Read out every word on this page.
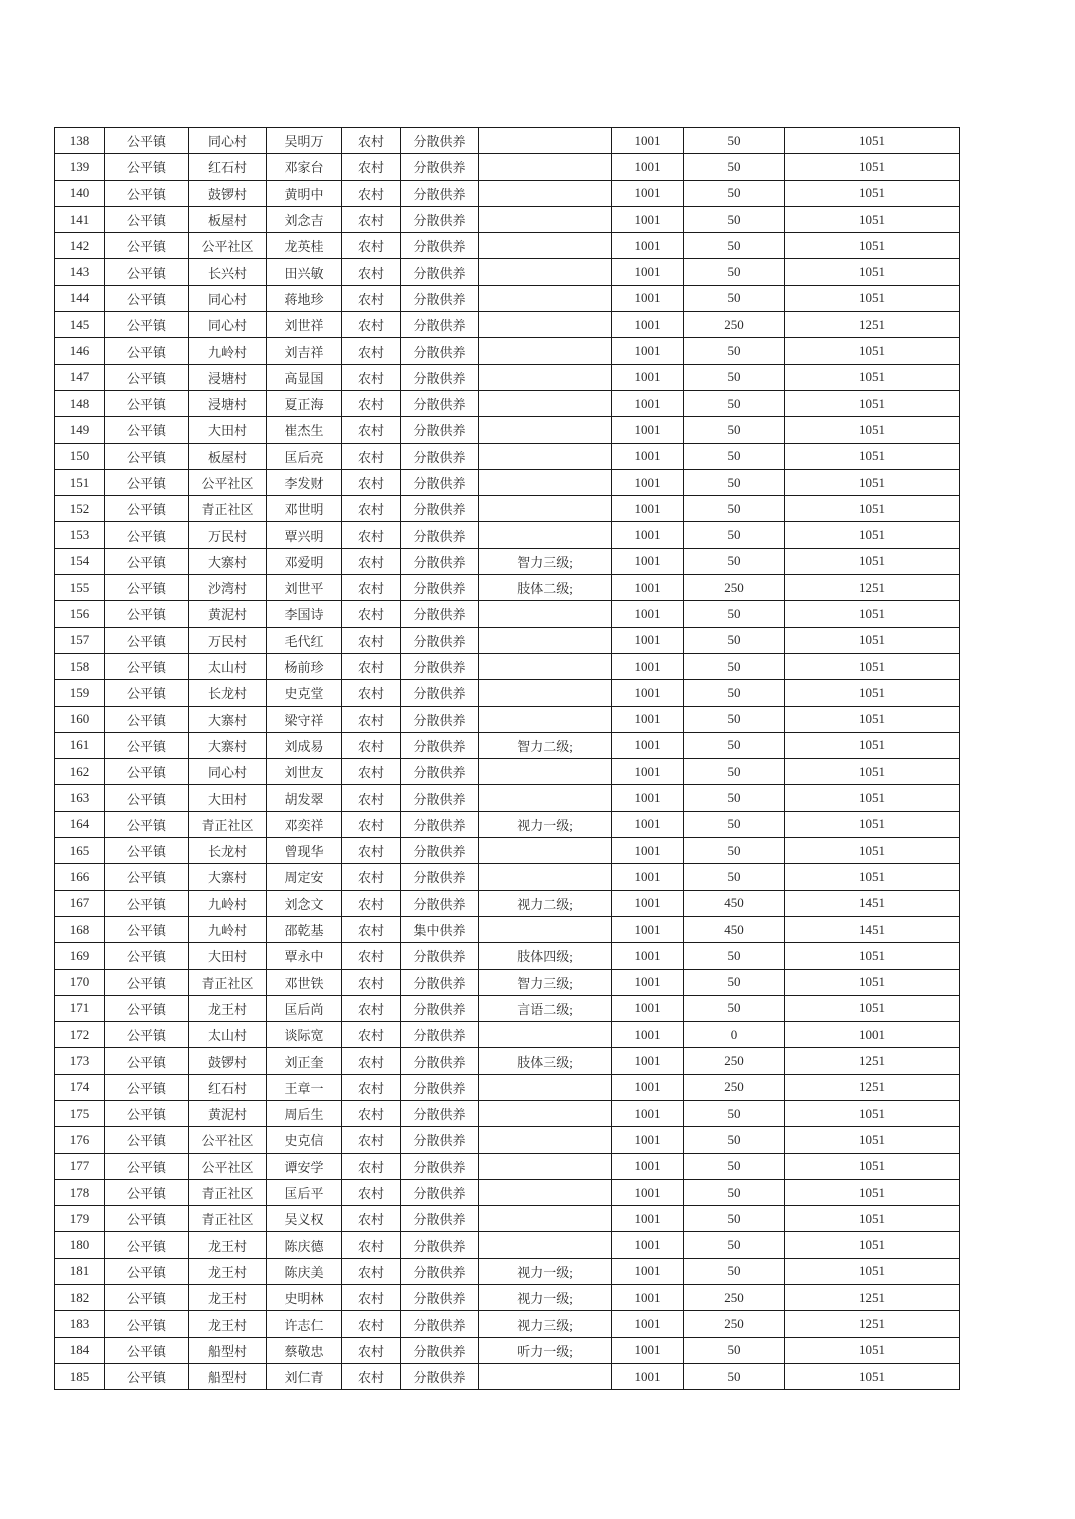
138	公平镇	同心村	吴明万	农村	分散供养		1001	50	1051
139	公平镇	红石村	邓家台	农村	分散供养		1001	50	1051
140	公平镇	鼓锣村	黄明中	农村	分散供养		1001	50	1051
141	公平镇	板屋村	刘念吉	农村	分散供养		1001	50	1051
142	公平镇	公平社区	龙英桂	农村	分散供养		1001	50	1051
143	公平镇	长兴村	田兴敏	农村	分散供养		1001	50	1051
144	公平镇	同心村	蒋地珍	农村	分散供养		1001	50	1051
145	公平镇	同心村	刘世祥	农村	分散供养		1001	250	1251
146	公平镇	九岭村	刘吉祥	农村	分散供养		1001	50	1051
147	公平镇	浸塘村	高显国	农村	分散供养		1001	50	1051
148	公平镇	浸塘村	夏正海	农村	分散供养		1001	50	1051
149	公平镇	大田村	崔杰生	农村	分散供养		1001	50	1051
150	公平镇	板屋村	匡后亮	农村	分散供养		1001	50	1051
151	公平镇	公平社区	李发财	农村	分散供养		1001	50	1051
152	公平镇	青正社区	邓世明	农村	分散供养		1001	50	1051
153	公平镇	万民村	覃兴明	农村	分散供养		1001	50	1051
154	公平镇	大寨村	邓爱明	农村	分散供养	智力三级;	1001	50	1051
155	公平镇	沙湾村	刘世平	农村	分散供养	肢体二级;	1001	250	1251
156	公平镇	黄泥村	李国诗	农村	分散供养		1001	50	1051
157	公平镇	万民村	毛代红	农村	分散供养		1001	50	1051
158	公平镇	太山村	杨前珍	农村	分散供养		1001	50	1051
159	公平镇	长龙村	史克堂	农村	分散供养		1001	50	1051
160	公平镇	大寨村	梁守祥	农村	分散供养		1001	50	1051
161	公平镇	大寨村	刘成易	农村	分散供养	智力二级;	1001	50	1051
162	公平镇	同心村	刘世友	农村	分散供养		1001	50	1051
163	公平镇	大田村	胡发翠	农村	分散供养		1001	50	1051
164	公平镇	青正社区	邓奕祥	农村	分散供养	视力一级;	1001	50	1051
165	公平镇	长龙村	曾现华	农村	分散供养		1001	50	1051
166	公平镇	大寨村	周定安	农村	分散供养		1001	50	1051
167	公平镇	九岭村	刘念文	农村	分散供养	视力二级;	1001	450	1451
168	公平镇	九岭村	邵乾基	农村	集中供养		1001	450	1451
169	公平镇	大田村	覃永中	农村	分散供养	肢体四级;	1001	50	1051
170	公平镇	青正社区	邓世铁	农村	分散供养	智力三级;	1001	50	1051
171	公平镇	龙王村	匡后尚	农村	分散供养	言语二级;	1001	50	1051
172	公平镇	太山村	谈际宽	农村	分散供养		1001	0	1001
173	公平镇	鼓锣村	刘正奎	农村	分散供养	肢体三级;	1001	250	1251
174	公平镇	红石村	王章一	农村	分散供养		1001	250	1251
175	公平镇	黄泥村	周后生	农村	分散供养		1001	50	1051
176	公平镇	公平社区	史克信	农村	分散供养		1001	50	1051
177	公平镇	公平社区	谭安学	农村	分散供养		1001	50	1051
178	公平镇	青正社区	匡后平	农村	分散供养		1001	50	1051
179	公平镇	青正社区	吴义权	农村	分散供养		1001	50	1051
180	公平镇	龙王村	陈庆德	农村	分散供养		1001	50	1051
181	公平镇	龙王村	陈庆美	农村	分散供养	视力一级;	1001	50	1051
182	公平镇	龙王村	史明林	农村	分散供养	视力一级;	1001	250	1251
183	公平镇	龙王村	许志仁	农村	分散供养	视力三级;	1001	250	1251
184	公平镇	船型村	蔡敬忠	农村	分散供养	听力一级;	1001	50	1051
185	公平镇	船型村	刘仁青	农村	分散供养		1001	50	1051
